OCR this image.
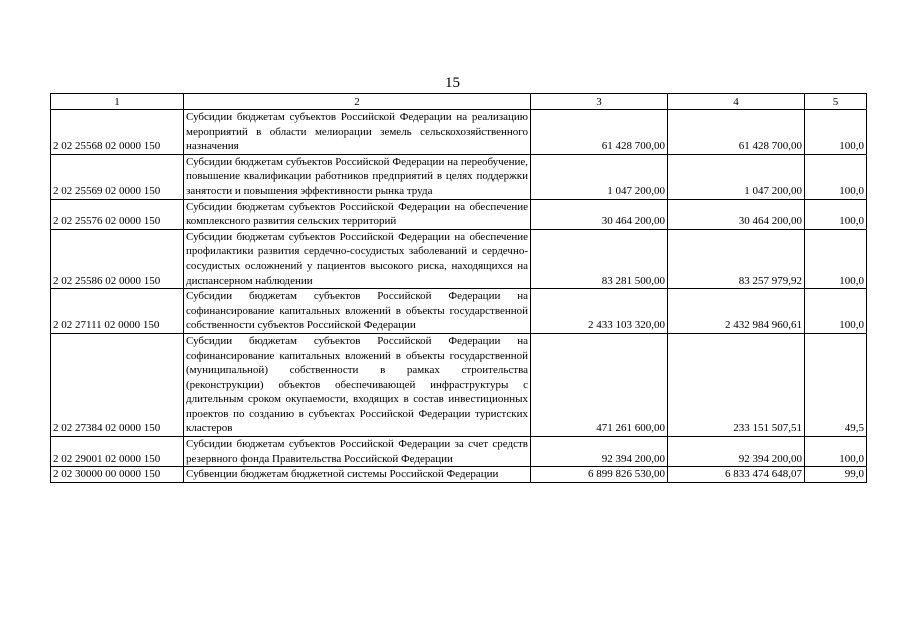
15
1	2	3	4	5
2 02 25568 02 0000 150	Субсидии бюджетам субъектов Российской Федерации на реализацию мероприятий в области мелиорации земель сельскохозяйственного назначения	61 428 700,00	61 428 700,00	100,0
2 02 25569 02 0000 150	Субсидии бюджетам субъектов Российской Федерации на переобучение, повышение квалификации работников предприятий в целях поддержки занятости и повышения эффективности рынка труда	1 047 200,00	1 047 200,00	100,0
2 02 25576 02 0000 150	Субсидии бюджетам субъектов Российской Федерации на обеспечение комплексного развития сельских территорий	30 464 200,00	30 464 200,00	100,0
2 02 25586 02 0000 150	Субсидии бюджетам субъектов Российской Федерации на обеспечение профилактики развития сердечно-сосудистых заболеваний и сердечно-сосудистых осложнений у пациентов высокого риска, находящихся на диспансерном наблюдении	83 281 500,00	83 257 979,92	100,0
2 02 27111 02 0000 150	Субсидии бюджетам субъектов Российской Федерации на софинансирование капитальных вложений в объекты государственной собственности субъектов Российской Федерации	2 433 103 320,00	2 432 984 960,61	100,0
2 02 27384 02 0000 150	Субсидии бюджетам субъектов Российской Федерации на софинансирование капитальных вложений в объекты государственной (муниципальной) собственности в рамках строительства (реконструкции) объектов обеспечивающей инфраструктуры с длительным сроком окупаемости, входящих в состав инвестиционных проектов по созданию в субъектах Российской Федерации туристских кластеров	471 261 600,00	233 151 507,51	49,5
2 02 29001 02 0000 150	Субсидии бюджетам субъектов Российской Федерации за счет средств резервного фонда Правительства Российской Федерации	92 394 200,00	92 394 200,00	100,0
2 02 30000 00 0000 150	Субвенции бюджетам бюджетной системы Российской Федерации	6 899 826 530,00	6 833 474 648,07	99,0
